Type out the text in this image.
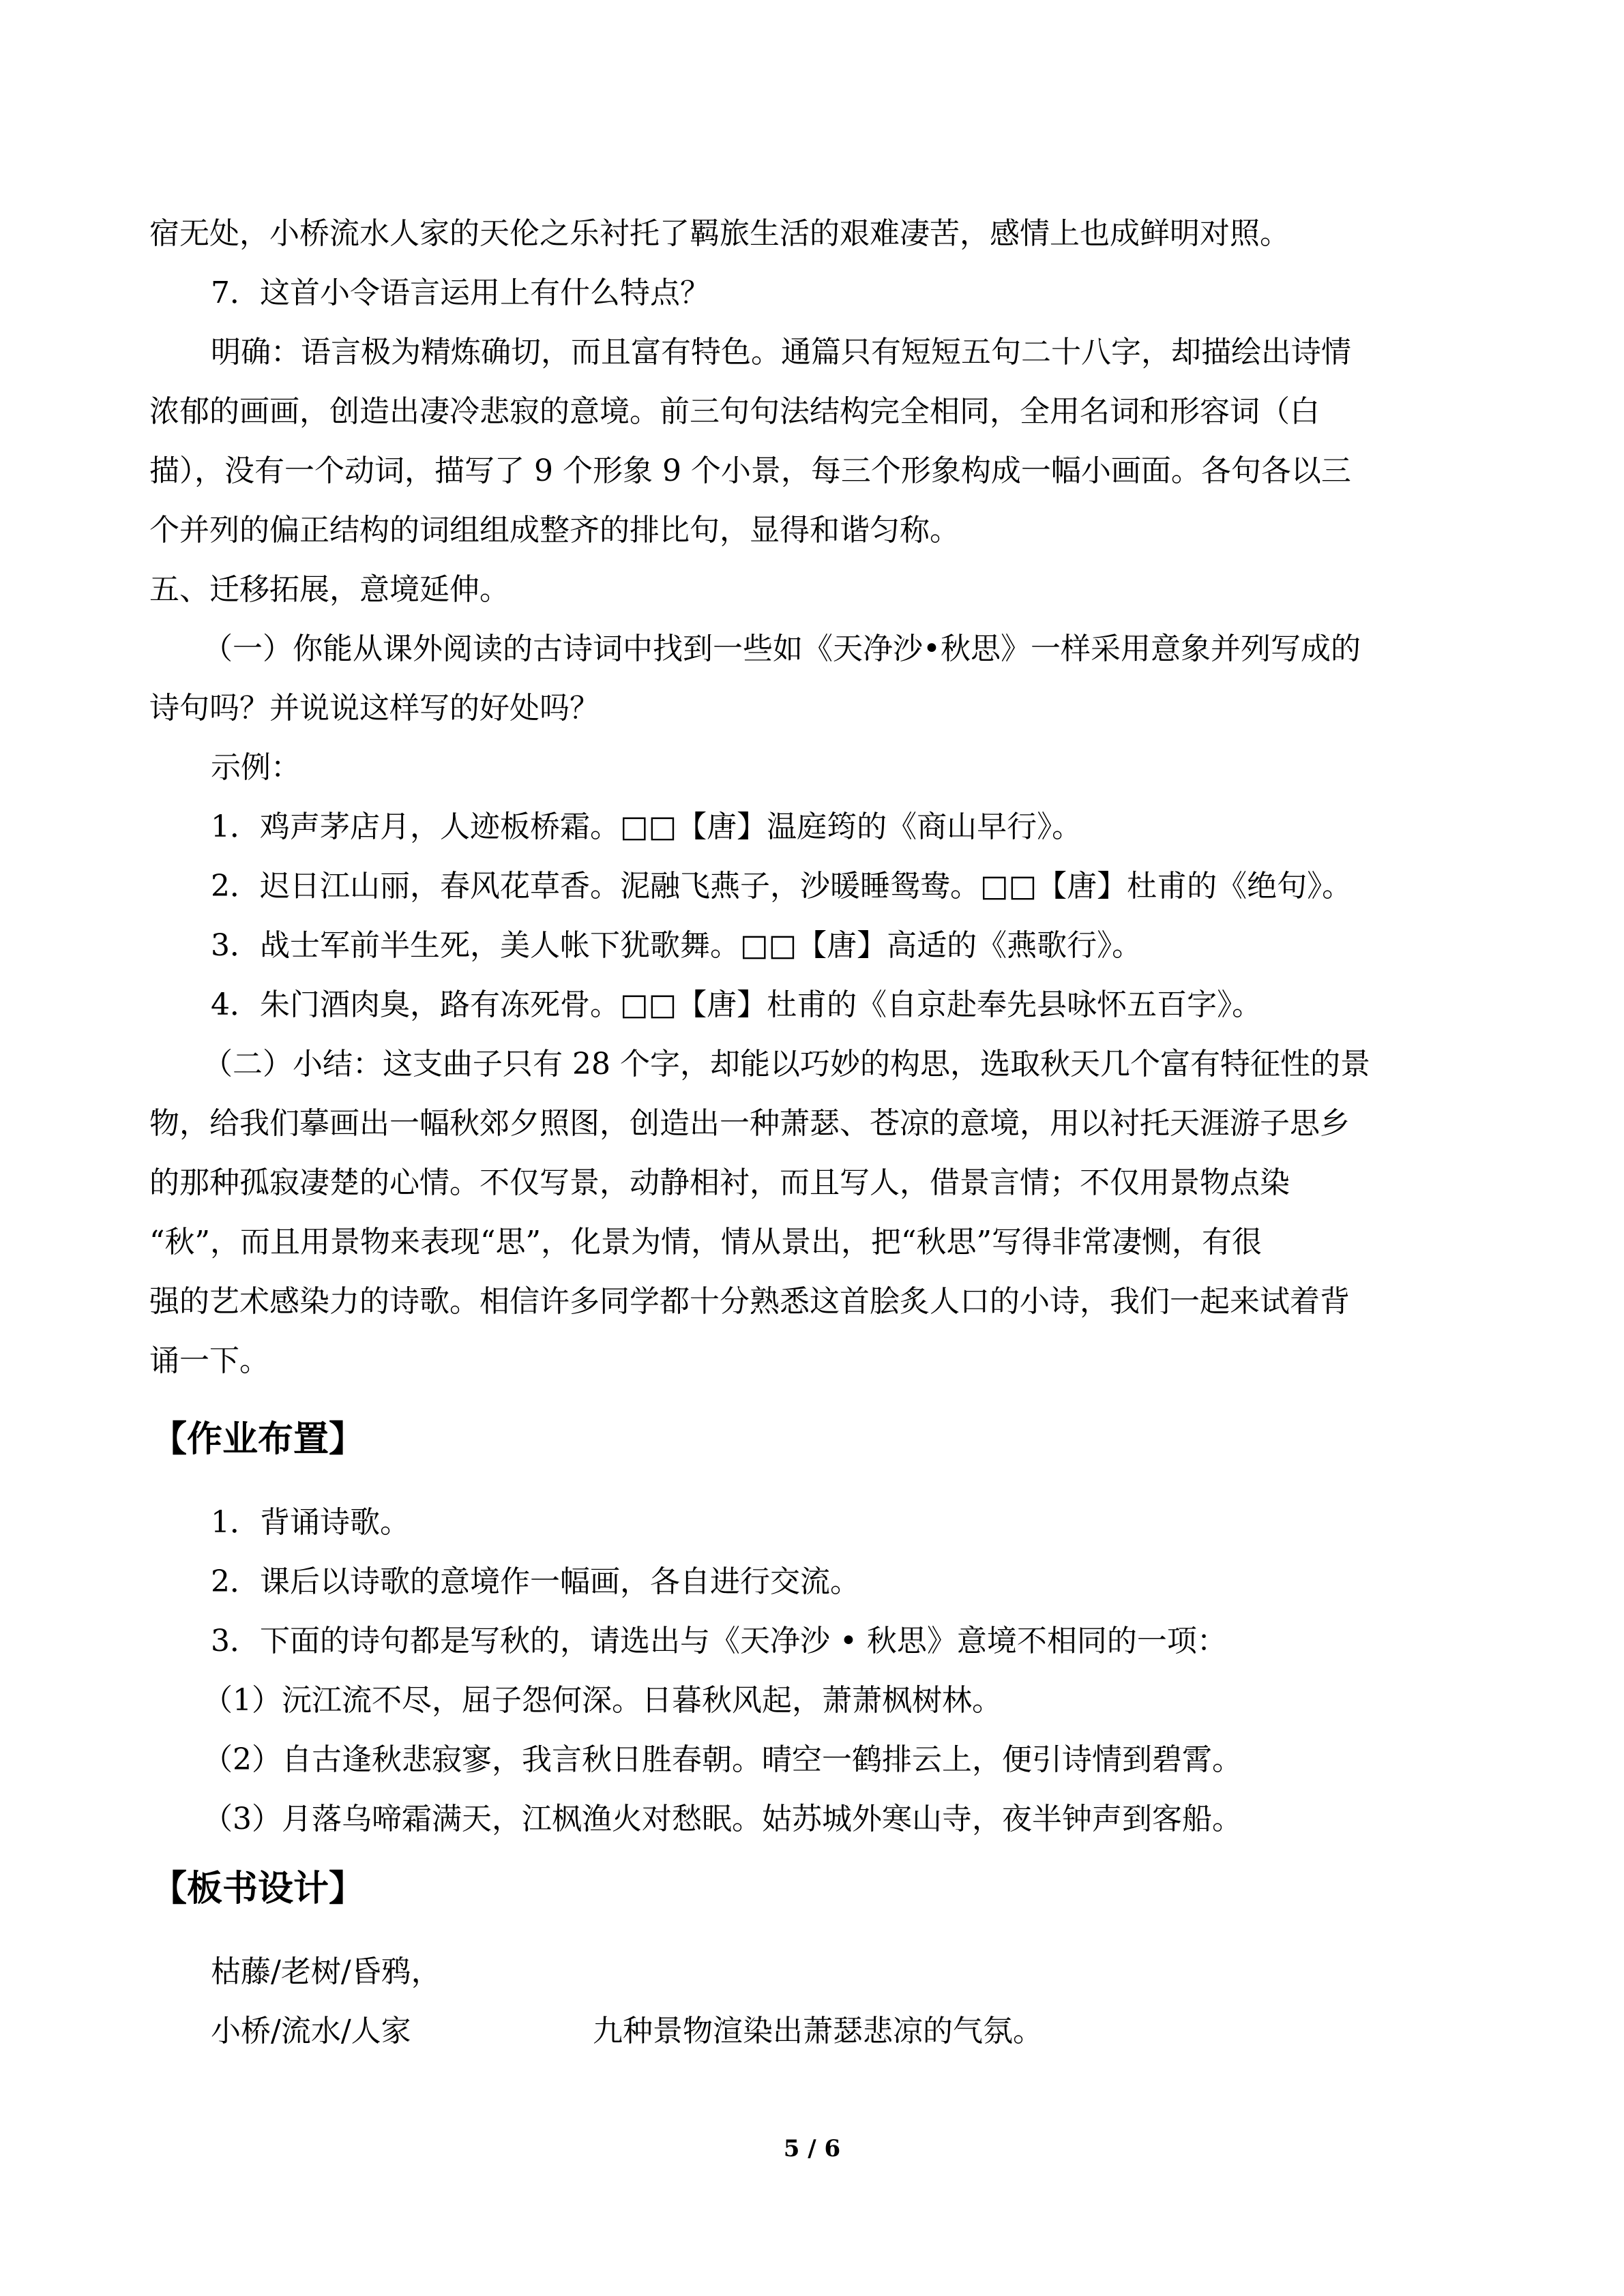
宿无处，小桥流水人家的天伦之乐衬托了羁旅生活的艰难凄苦，感情上也成鲜明对照。
7．这首小令语言运用上有什么特点？
明确：语言极为精炼确切，而且富有特色。通篇只有短短五句二十八字，却描绘出诗情
浓郁的画画，创造出凄冷悲寂的意境。前三句句法结构完全相同，全用名词和形容词（白
描），没有一个动词，描写了 9 个形象 9 个小景，每三个形象构成一幅小画面。各句各以三
个并列的偏正结构的词组组成整齐的排比句，显得和谐匀称。
五、迁移拓展，意境延伸。
（一）你能从课外阅读的古诗词中找到一些如《天净沙•秋思》一样采用意象并列写成的
诗句吗？并说说这样写的好处吗？
示例：
1．鸡声茅店月，人迹板桥霜。□□【唐】温庭筠的《商山早行》。
2．迟日江山丽，春风花草香。泥融飞燕子，沙暖睡鸳鸯。□□【唐】杜甫的《绝句》。
3．战士军前半生死，美人帐下犹歌舞。□□【唐】高适的《燕歌行》。
4．朱门酒肉臭，路有冻死骨。□□【唐】杜甫的《自京赴奉先县咏怀五百字》。
（二）小结：这支曲子只有 28 个字，却能以巧妙的构思，选取秋天几个富有特征性的景
物，给我们摹画出一幅秋郊夕照图，创造出一种萧瑟、苍凉的意境，用以衬托天涯游子思乡
的那种孤寂凄楚的心情。不仅写景，动静相衬，而且写人，借景言情；不仅用景物点染
“秋”，而且用景物来表现“思”，化景为情，情从景出，把“秋思”写得非常凄恻，有很
强的艺术感染力的诗歌。相信许多同学都十分熟悉这首脍炙人口的小诗，我们一起来试着背
诵一下。
【作业布置】
1．背诵诗歌。
2．课后以诗歌的意境作一幅画，各自进行交流。
3．下面的诗句都是写秋的，请选出与《天净沙 • 秋思》意境不相同的一项：
（1）沅江流不尽，屈子怨何深。日暮秋风起，萧萧枫树林。
（2）自古逢秋悲寂寥，我言秋日胜春朝。晴空一鹤排云上，便引诗情到碧霄。
（3）月落乌啼霜满天，江枫渔火对愁眠。姑苏城外寒山寺，夜半钟声到客船。
【板书设计】
枯藤/老树/昏鸦，
小桥/流水/人家	九种景物渲染出萧瑟悲凉的气氛。
5 / 6
